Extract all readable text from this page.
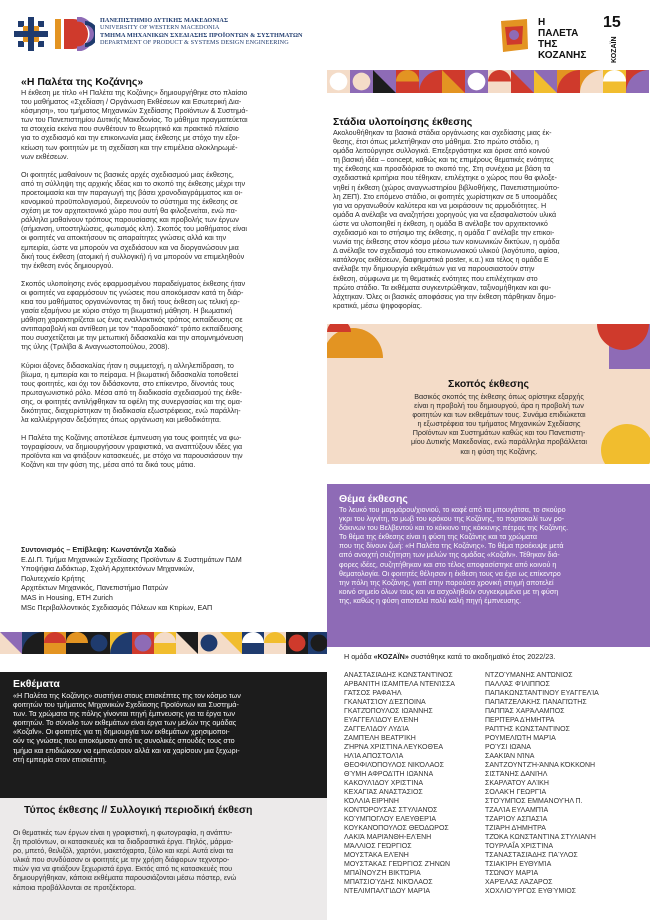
ΠΑΝΕΠΙΣΤΗΜΙΟ ΔΥΤΙΚΗΣ ΜΑΚΕΔΟΝΙΑΣ
UNIVERSITY OF WESTERN MACEDONIA
ΤΜΗΜΑ ΜΗΧΑΝΙΚΩΝ ΣΧΕΔΙΑΣΗΣ ΠΡΟΪΟΝΤΩΝ & ΣΥΣΤΗΜΑΤΩΝ
DEPARTMENT OF PRODUCT & SYSTEMS DESIGN ENGINEERING
Η
ΠΑΛΕΤΑ
ΤΗΣ
ΚΟΖΑΝΗΣ
15
ΚΟΖΑΪΝ
«Η Παλέτα της Κοζάνης»
Η έκθεση με τίτλο «Η Παλέτα της Κοζάνης» δημιουργήθηκε στο πλαίσιο
του μαθήματος «Σχεδίαση / Οργάνωση Εκθέσεων και Εσωτερική Δια-
κόσμηση», του τμήματος Μηχανικών Σχεδίασης Προϊόντων & Συστημά-
των του Πανεπιστημίου Δυτικής Μακεδονίας. Το μάθημα πραγματεύεται
τα στοιχεία εκείνα που συνθέτουν το θεωρητικό και πρακτικό πλαίσιο
για το σχεδιασμό και την επικοινωνία μιας έκθεσης με στόχο την εξοι-
κείωση των φοιτητών με τη σχεδίαση και την επιμέλεια ολοκληρωμέ-
νων εκθέσεων.
Οι φοιτητές μαθαίνουν τις βασικές αρχές σχεδιασμού μιας έκθεσης,
από τη σύλληψη της αρχικής ιδέας και το σκοπό της έκθεσης μέχρι την
προετοιμασία και την παραγωγή της βάσει χρονοδιαγράμματος και οι-
κονομικού προϋπολογισμού, διερευνούν το σύστημα της έκθεσης σε
σχέση με τον αρχιτεκτονικό χώρο που αυτή θα φιλοξενείται, ενώ πα-
ράλληλα μαθαίνουν τρόπους παρουσίασης και προβολής των έργων
(σήμανση, υποστηλώσεις, φωτισμός κλπ). Σκοπός του μαθήματος είναι
οι φοιτητές να αποκτήσουν τις απαραίτητες γνώσεις αλλά και την
εμπειρία, ώστε να μπορούν να σχεδιάσουν και να διοργανώσουν μια
δική τους έκθεση (ατομική ή συλλογική) ή να μπορούν να επιμεληθούν
την έκθεση ενός δημιουργού.
Σκοπός υλοποίησης ενός εφαρμοσμένου παραδείγματος έκθεσης ήταν
οι φοιτητές να εφαρμόσουν τις γνώσεις που αποκόμισαν κατά τη διάρ-
κεια του μαθήματος οργανώνοντας τη δική τους έκθεση ως τελική ερ-
γασία εξαμήνου με κύριο στόχο τη βιωματική μάθηση. Η βιωματική
μάθηση χαρακτηρίζεται ως ένας εναλλακτικός τρόπος εκπαίδευσης σε
αντιπαραβολή και αντίθεση με τον “παραδοσιακό” τρόπο εκπαίδευσης
που συσχετίζεται με την μετωπική διδασκαλία και την απομνημόνευση
της ύλης (Τριλίβα & Αναγνωστοπούλου, 2008).
Κύριοι άξονες διδασκαλίας ήταν η συμμετοχή, η αλληλεπίδραση, το
βίωμα, η εμπειρία και το πείραμα. Η βιωματική διδασκαλία τοποθετεί
τους φοιτητές, και όχι τον διδάσκοντα, στο επίκεντρο, δίνοντάς τους
πρωταγωνιστικό ρόλο. Μέσα από τη διαδικασία σχεδιασμού της έκθε-
σης, οι φοιτητές αντιλήφθηκαν τα οφέλη της συνεργασίας και της ομα-
δικότητας, διαχειρίστηκαν τη διαδικασία εξωστρέφειας, ενώ παράλλη-
λα καλλιέργησαν δεξιότητες όπως οργάνωση και μεθοδικότητα.
Η Παλέτα της Κοζάνης αποτέλεσε έμπνευση για τους φοιτητές να φω-
τογραφίσουν, να δημιουργήσουν γραφιστικά, να αναπτύξουν ιδέες για
προϊόντα και να φτιάξουν κατασκευές, με στόχο να παρουσιάσουν την
Κοζάνη και την φύση της, μέσα από τα δικά τους μάτια.
Συντονισμός – Επίβλεψη: Κωνστάντζα Χαδιώ
Ε.ΔΙ.Π. Τμήμα Μηχανικών Σχεδίασης Προϊόντων & Συστημάτων ΠΔΜ
Υποψήφια Διδάκτωρ, Σχολή Αρχιτεκτόνων Μηχανικών,
Πολυτεχνείο Κρήτης
Αρχιτέκτων Μηχανικός, Πανεπιστήμιο Πατρών
MAS in Housing, ETH Zurich
MSc Περιβαλλοντικός Σχεδιασμός Πόλεων και Κτιρίων, ΕΑΠ
Στάδια υλοποίησης έκθεσης
Ακολουθήθηκαν τα βασικά στάδια οργάνωσης και σχεδίασης μιας έκ-
θεσης, έτσι όπως μελετήθηκαν στο μάθημα. Στο πρώτο στάδιο, η
ομάδα λειτούργησε συλλογικά. Επεξεργάστηκε και όρισε από κοινού
τη βασική ιδέα – concept, καθώς και τις επιμέρους θεματικές ενότητες
της έκθεσης και προσδιόρισε το σκοπό της. Στη συνέχεια με βάση τα
σχεδιαστικά κριτήρια που τέθηκαν, επιλέχτηκε ο χώρος που θα φιλοξε-
νηθεί η έκθεση (χώρος αναγνωστηρίου βιβλιοθήκης, Πανεπιστημιούπο-
λη ΖΕΠ). Στο επόμενο στάδιο, οι φοιτητές χωρίστηκαν σε 5 υποομάδες
για να οργανωθούν καλύτερα και να μοιράσουν τις αρμοδιότητες. Η
ομάδα Α ανέλαβε να αναζητήσει χορηγούς για να εξασφαλιστούν υλικά
ώστε να υλοποιηθεί η έκθεση, η ομάδα Β ανέλαβε τον αρχιτεκτονικό
σχεδιασμό και το στήσιμο της έκθεσης, η ομάδα Γ ανέλαβε την επικοι-
νωνία της έκθεσης στον κόσμο μέσω των κοινωνικών δικτύων, η ομάδα
Δ ανέλαβε τον σχεδιασμό του επικοινωνιακού υλικού (λογότυπο, αφίσα,
κατάλογος εκθέσεων, διαφημιστικά poster, κ.α.) και τέλος η ομάδα Ε
ανέλαβε την δημιουργία εκθεμάτων για να παρουσιαστούν στην
έκθεση, σύμφωνα με τη θεματικές ενότητες που επιλέχτηκαν στο
πρώτο στάδιο. Τα εκθέματα συγκεντρώθηκαν, ταξινομήθηκαν και φυ-
λάχτηκαν. Όλες οι βασικές αποφάσεις για την έκθεση πάρθηκαν δημο-
κρατικά, μέσω ψηφοφορίας.
Σκοπός έκθεσης
Βασικός σκοπός της έκθεσης όπως ορίστηκε εξαρχής
είναι η προβολή του δημιουργού, άρα η προβολή των
φοιτητών και των εκθεμάτων τους. Συνάμα επιδιώκεται
η εξωστρέφεια του τμήματος Μηχανικών Σχεδίασης
Προϊόντων και Συστημάτων καθώς και του Πανεπιστη-
μίου Δυτικής Μακεδονίας, ενώ παράλληλα προβάλλεται
και η φύση της Κοζάνης.
Θέμα έκθεσης
Το λευκό του μαρμάρου/χιονιού, το καφέ από τα μπουγάτσα, το σκούρο
γκρι του λιγνίτη, το μωβ του κρόκου της Κοζάνης, το πορτοκαλί των ρο-
δάκινων του Βελβεντού και το κόκκινο της κόκκινης πέτρας της Κοζάνης.
Το θέμα της έκθεσης είναι η φύση της Κοζάνης και τα χρώματα
που της δίνουν ζωή: «Η Παλέτα της Κοζάνης». Το θέμα προέκυψε μετά
από ανοιχτή συζήτηση των μελών της ομάδας «Κοζαΐν». Τέθηκαν διά-
φορες ιδέες, συζητήθηκαν και στο τέλος αποφασίστηκε από κοινού η
θεματολογία. Οι φοιτητές θέλησαν η έκθεση τους να έχει ως επίκεντρο
την πόλη της Κοζάνης, γιατί στην παρούσα χρονική στιγμή αποτελεί
κοινό σημείο όλων τους και να ασχοληθούν συγκεκριμένα με τη φύση
της, καθώς η φύση αποτελεί πολύ καλή πηγή έμπνευσης.
Εκθέματα
«Η Παλέτα της Κοζάνης» συστήνει στους επισκέπτες της τον κόσμο των
φοιτητών του τμήματος Μηχανικών Σχεδίασης Προϊόντων και Συστημά-
των. Τα χρώματα της πόλης γίνονται πηγή έμπνευσης για τα έργα των
φοιτητών. Το σύνολο των εκθεμάτων είναι έργα των μελών της ομάδας
«Κοζαΐν». Οι φοιτητές για τη δημιουργία των εκθεμάτων χρησιμοποι-
ούν τις γνώσεις που αποκόμισαν από τις συνολικές σπουδές τους στο
τμήμα και επιδιώκουν να εμπνεύσουν αλλά και να χαρίσουν μια ξεχωρι-
στή εμπειρία στον επισκέπτη.
Τύπος έκθεσης // Συλλογική περιοδική έκθεση
Οι θεματικές των έργων είναι η γραφιστική, η φωτογραφία, η ανάπτυ-
ξη προϊόντων, οι κατασκευές και τα διαδραστικά έργα. Πηλός, μάρμα-
ρο, μπετό, θειλιζόλ, χαρτόνι, μακετόχαρτα, ξύλο και κερί. Αυτά είναι τα
υλικά που συνδύασαν οι φοιτητές με την χρήση διάφορων τεχνοτρο-
πιών για να φτιάξουν ξεχωριστά έργα. Εκτός από τις κατασκευές που
δημιουργήθηκαν, κάποια εκθέματα παρουσιάζονται μέσω πόστερ, ενώ
κάποια προβάλλονται σε προτζέκτορα.
Η ομάδα «ΚΟΖΑΪΝ» συστάθηκε κατά το ακαδημαϊκό έτος 2022/23.
ΑΝΑΣΤΑΣΙΆΔΗΣ ΚΩΝΣΤΑΝΤΊΝΟΣ
ΑΡΒΑΝΊΤΗ ΙΣΑΜΠΈΛΑ ΝΤΕΝΊΣΣΑ
ΓΆΤΣΟΣ ΡΑΦΑΉΛ
ΓΚΑΝΑΤΣΊΟΥ ΔΈΣΠΟΙΝΑ
ΓΚΑΤΖΌΠΟΥΛΟΣ ΙΩΆΝΝΗΣ
ΕΥΑΓΓΕΛΊΔΟΥ ΕΛΈΝΗ
ΖΑΓΓΕΛΊΔΟΥ ΛΥΔΊΑ
ΖΑΜΠΈΛΗ ΒΕΑΤΡΊΚΗ
ΖΉΡΝΑ ΧΡΙΣΤΊΝΑ ΛΕΥΚΟΘΈΑ
ΗΛΊΑ ΑΠΟΣΤΟΛΊΑ
ΘΕΟΦΙΛΌΠΟΥΛΟΣ ΝΙΚΌΛΑΟΣ
ΘΎΜΗ ΑΦΡΟΔΊΤΗ ΙΩΆΝΝΑ
ΚΑΚΟΥΛΊΔΟΥ ΧΡΙΣΤΊΝΑ
ΚΕΧΑΓΙΆΣ ΑΝΑΣΤΆΣΙΟΣ
ΚΌΛΛΙΑ ΕΙΡΉΝΗ
ΚΟΝΤΌΡΟΥΣΑΣ ΣΤΥΛΙΑΝΌΣ
ΚΟΎΜΠΟΓΛΟΥ ΕΛΕΥΘΕΡΊΑ
ΚΟΥΚΑΝΌΠΟΥΛΟΣ ΘΕΌΔΩΡΟΣ
ΛΑΚΙΆ ΜΑΡΙΆΝΘΗ-ΕΛΈΝΗ
ΜΆΛΛΙΟΣ ΓΕΏΡΓΙΟΣ
ΜΟΥΣΤΆΚΑ ΕΛΈΝΗ
ΜΟΥΣΤΆΚΑΣ ΓΕΏΡΓΙΟΣ ΖΉΝΩΝ
ΜΠΑΪΝΟΥΖΉ ΒΙΚΤΏΡΙΑ
ΜΠΑΤΣΙΟΎΔΗΣ ΝΙΚΌΛΑΟΣ
ΝΤΕΛΙΜΠΑΛΤΊΔΟΥ ΜΑΡΊΑ
ΝΤΖΟΎΜΑΝΗΣ ΑΝΤΏΝΙΟΣ
ΠΑΛΛΆΣ ΦΊΛΙΠΠΟΣ
ΠΑΠΑΚΩΝΣΤΑΝΤΊΝΟΥ ΕΥΑΓΓΕΛΊΑ
ΠΑΠΑΤΖΕΛΆΚΗΣ ΠΑΝΑΓΙΏΤΗΣ
ΠΑΠΠΆΣ ΧΑΡΆΛΑΜΠΟΣ
ΠΕΡΠΈΡΑ ΔΉΜΗΤΡΑ
ΡΑΠΤΉΣ ΚΩΝΣΤΑΝΤΊΝΟΣ
ΡΟΥΜΕΛΙΏΤΗ ΜΑΡΊΑ
ΡΟΎΣΙ ΙΩΆΝΑ
ΣΑΑΚΙΆΝ ΝΊΝΑ
ΣΑΝΤΖΟΥΝΤΖΉ-ΆΝΝΑ ΚΌΚΚΟΝΗ
ΣΙΣΤΆΝΗΣ ΔΑΝΙΉΛ
ΣΚΑΡΛΆΤΟΥ ΑΛΊΚΗ
ΣΟΛΑΚΉ ΓΕΩΡΓΊΑ
ΣΤΟΎΜΠΟΣ ΕΜΜΑΝΟΥΉΛ Π.
ΤΖΑΛΊΑ ΕΥΛΑΜΠΊΑ
ΤΖΑΡΊΟΥ ΑΣΠΑΣΊΑ
ΤΖΙΆΡΗ ΔΉΜΗΤΡΑ
ΤΖΌΚΑ ΚΩΝΣΤΑΝΤΊΝΑ ΣΤΥΛΙΑΝΉ
ΤΟΥΡΛΑΪ́Α ΧΡΙΣΤΊΝΑ
ΤΣΑΝΑΣΤΆΣΙΆΔΗΣ ΠΑΎΛΟΣ
ΤΣΙΑΚΊΡΗ ΕΥΘΥΜΊΑ
ΤΣΏΝΟΥ ΜΑΡΊΑ
ΧΑΡΈΛΑΣ ΛΆΖΑΡΟΣ
ΧΟΧΛΙΟΎΡΓΟΣ ΕΥΘΎΜΙΟΣ
